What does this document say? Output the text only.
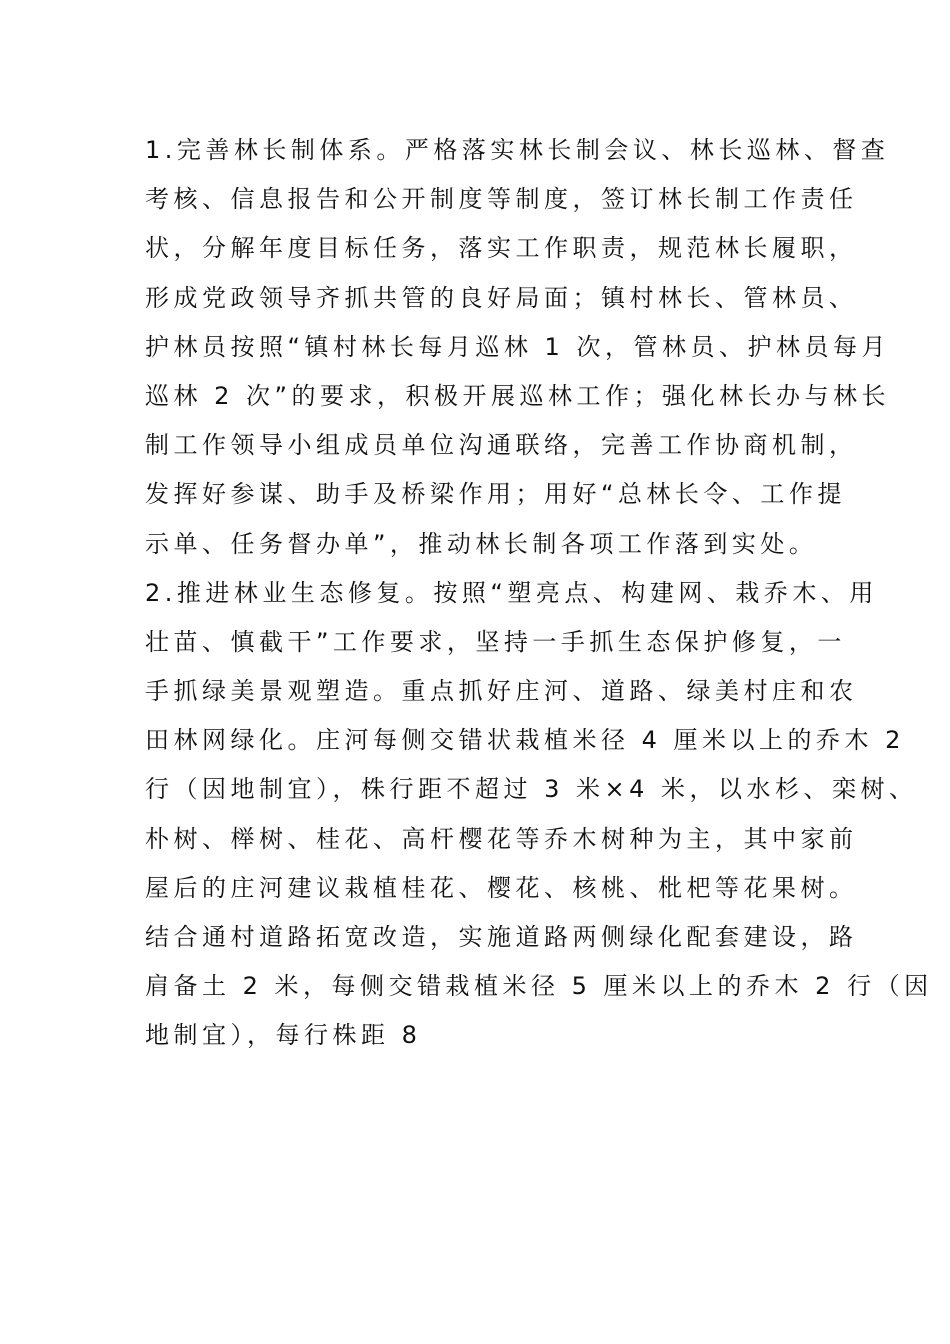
1.完善林长制体系。严格落实林长制会议、林长巡林、督查
考核、信息报告和公开制度等制度，签订林长制工作责任
状，分解年度目标任务，落实工作职责，规范林长履职，
形成党政领导齐抓共管的良好局面；镇村林长、管林员、
护林员按照“镇村林长每月巡林 1 次，管林员、护林员每月
巡林 2 次”的要求，积极开展巡林工作；强化林长办与林长
制工作领导小组成员单位沟通联络，完善工作协商机制，
发挥好参谋、助手及桥梁作用；用好“总林长令、工作提
示单、任务督办单”，推动林长制各项工作落到实处。
2.推进林业生态修复。按照“塑亮点、构建网、栽乔木、用
壮苗、慎截干”工作要求，坚持一手抓生态保护修复，一
手抓绿美景观塑造。重点抓好庄河、道路、绿美村庄和农
田林网绿化。庄河每侧交错状栽植米径 4 厘米以上的乔木 2
行（因地制宜），株行距不超过 3 米×4 米，以水杉、栾树、
朴树、榉树、桂花、高杆樱花等乔木树种为主，其中家前
屋后的庄河建议栽植桂花、樱花、核桃、枇杷等花果树。
结合通村道路拓宽改造，实施道路两侧绿化配套建设，路
肩备土 2 米，每侧交错栽植米径 5 厘米以上的乔木 2 行（因
地制宜），每行株距 8
